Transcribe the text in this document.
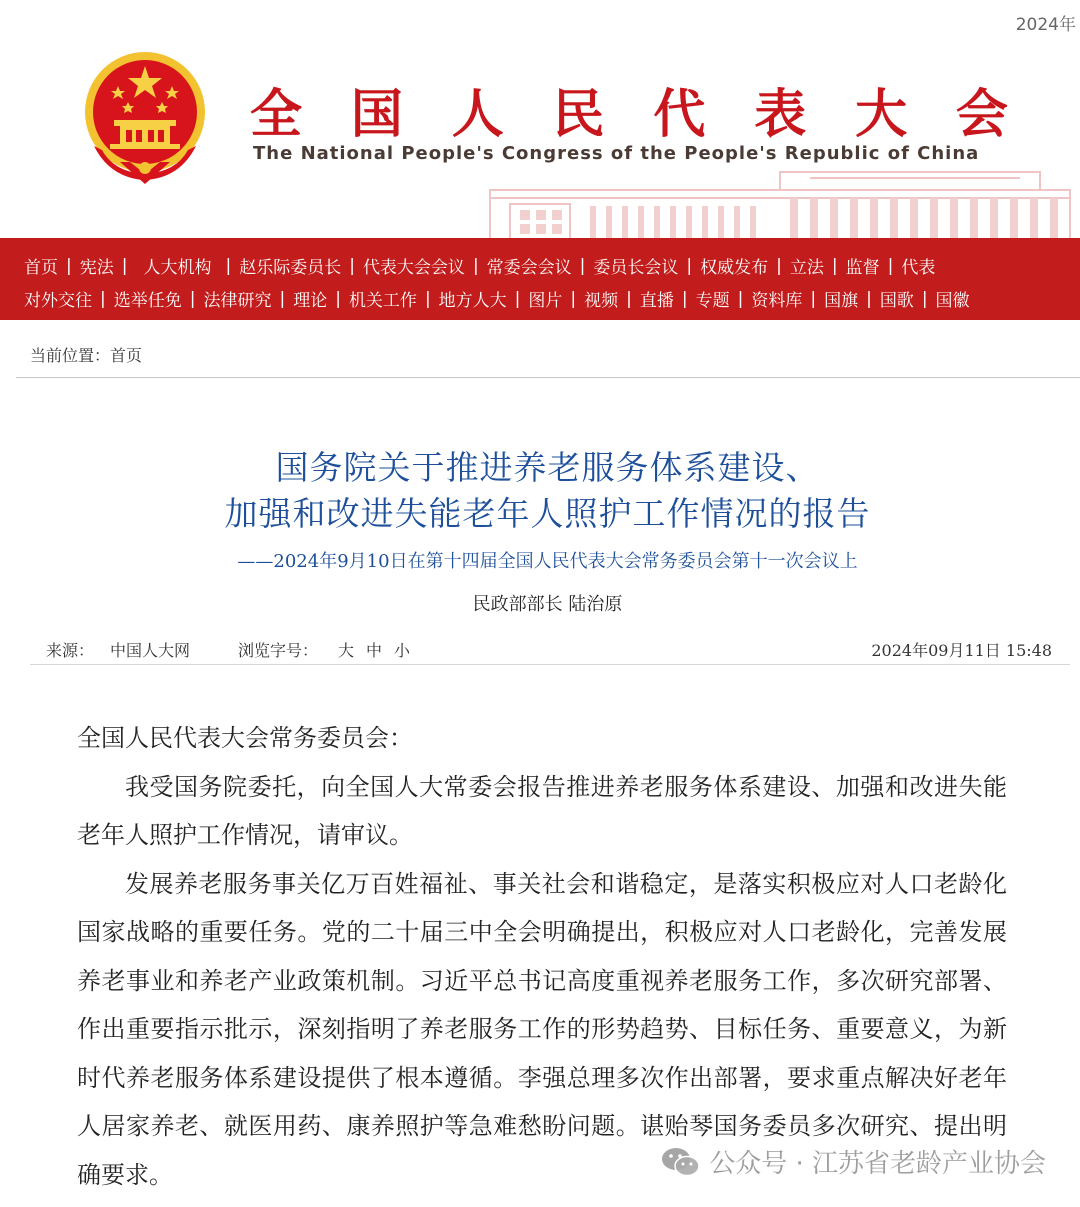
2024年
全 国 人 民 代 表 大 会
The National People's Congress of the People's Republic of China
首页 | 宪法 | 人大机构 | 赵乐际委员长 | 代表大会会议 | 常委会会议 | 委员长会议 | 权威发布 | 立法 | 监督 | 代表
对外交往 | 选举任免 | 法律研究 | 理论 | 机关工作 | 地方人大 | 图片 | 视频 | 直播 | 专题 | 资料库 | 国旗 | 国歌 | 国徽
当前位置：首页
国务院关于推进养老服务体系建设、
加强和改进失能老年人照护工作情况的报告
——2024年9月10日在第十四届全国人民代表大会常务委员会第十一次会议上
民政部部长 陆治原
来源： 中国人大网	浏览字号： 大 中 小	2024年09月11日 15:48

全国人民代表大会常务委员会：

我受国务院委托，向全国人大常委会报告推进养老服务体系建设、加强和改进失能老年人照护工作情况，请审议。

发展养老服务事关亿万百姓福祉、事关社会和谐稳定，是落实积极应对人口老龄化国家战略的重要任务。党的二十届三中全会明确提出，积极应对人口老龄化，完善发展养老事业和养老产业政策机制。习近平总书记高度重视养老服务工作，多次研究部署、作出重要指示批示，深刻指明了养老服务工作的形势趋势、目标任务、重要意义，为新时代养老服务体系建设提供了根本遵循。李强总理多次作出部署，要求重点解决好老年人居家养老、就医用药、康养照护等急难愁盼问题。谌贻琴国务委员多次研究、提出明确要求。	公众号 · 江苏省老龄产业协会
